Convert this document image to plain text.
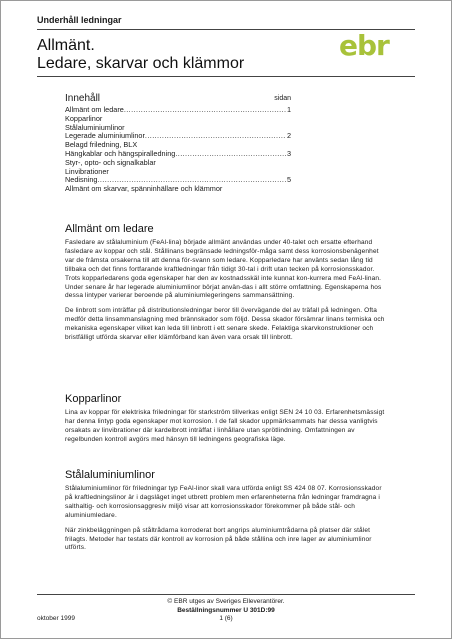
Underhåll ledningar
Allmänt.
Ledare, skarvar och klämmor
ebr
Innehåll	sidan
Allmänt om ledare .....	1
Kopparlinor
Stålaluminiumlinor
Legerade aluminiumlinor .....	2
Belagd friledning, BLX
Hängkablar och hängspiralledning .....	3
Styr-, opto- och signalkablar
Linvibrationer
Nedisning .....	5
Allmänt om skarvar, spänninhällare och klämmor
Allmänt om ledare

Fasledare av stålaluminium (FeAl-lina) började allmänt användas under 40-talet och ersatte efterhand fasledare av koppar och stål. Stållinans begränsade ledningsför-måga samt dess korrosionsbenägenhet var de främsta orsakerna till att denna för-svann som ledare. Kopparledare har använts sedan lång tid tillbaka och det finns fortfarande kraftledningar från tidigt 30-tal i drift utan tecken på korrosionsskador. Trots kopparledarens goda egenskaper har den av kostnadsskäl inte kunnat kon-kurrera med FeAl-linan. Under senare år har legerade aluminiumlinor börjat använ-das i allt större omfattning. Egenskaperna hos dessa lintyper varierar beroende på aluminiumlegeringens sammansättning.

De linbrott som inträffar på distributionsledningar beror till övervägande del av träfall på ledningen. Ofta medför detta linsammanslagning med brännskador som följd. Dessa skador försämrar linans termiska och mekaniska egenskaper vilket kan leda till linbrott i ett senare skede. Felaktiga skarvkonstruktioner och bristfälligt utförda skarvar eller klämförband kan även vara orsak till linbrott.

Kopparlinor

Lina av koppar för elektriska friledningar för starkström tillverkas enligt SEN 24 10 03. Erfarenhetsmässigt har denna lintyp goda egenskaper mot korrosion. I de fall skador uppmärksammats har dessa vanligtvis orsakats av linvibrationer där kardelbrott inträffat i linhållare utan sprötlindning. Omfattningen av regelbunden kontroll avgörs med hänsyn till ledningens geografiska läge.

Stålaluminiumlinor

Stålaluminiumlinor för friledningar typ FeAl-linor skall vara utförda enligt SS 424 08 07. Korrosionsskador på kraftledningslinor är i dagsläget inget utbrett problem men erfarenheterna från ledningar framdragna i salthaltig- och korrosionsaggresiv miljö visar att korrosionsskador förekommer på både stål- och aluminiumledare.

När zinkbeläggningen på ståltrådarna korroderat bort angrips aluminiumtrådarna på platser där stålet frilagts. Metoder har testats där kontroll av korrosion på både stållina och inre lager av aluminiumlinor utförts.

© EBR utges av Sveriges Elleverantörer.
Beställningsnummer U 301D:99
1 (6)
oktober 1999
